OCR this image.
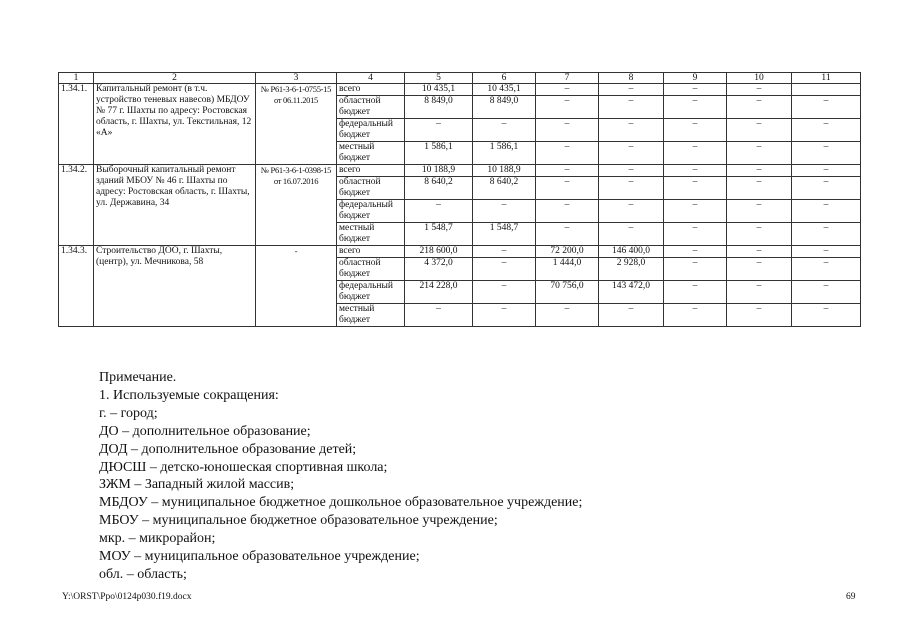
1	2	3	4	5	6	7	8	9	10	11
1.34.1.	Капитальный ремонт (в т.ч. устройство теневых навесов) МБДОУ № 77 г. Шахты по адресу: Ростовская область, г. Шахты, ул. Текстильная, 12 «А»	№ Р61-3-6-1-0755-15 от 06.11.2015	всего	10 435,1	10 435,1	–	–	–	–	
			областной бюджет	8 849,0	8 849,0	–	–	–	–	–
			федеральный бюджет	–	–	–	–	–	–	–
			местный бюджет	1 586,1	1 586,1	–	–	–	–	–
1.34.2.	Выборочный капитальный ремонт зданий МБОУ № 46 г. Шахты по адресу: Ростовская область, г. Шахты, ул. Державина, 34	№ Р61-3-6-1-0398-15 от 16.07.2016	всего	10 188,9	10 188,9	–	–	–	–	–
			областной бюджет	8 640,2	8 640,2	–	–	–	–	–
			федеральный бюджет	–	–	–	–	–	–	–
			местный бюджет	1 548,7	1 548,7	–	–	–	–	–
1.34.3.	Строительство ДОО, г. Шахты, (центр), ул. Мечникова, 58	-	всего	218 600,0	–	72 200,0	146 400,0	–	–	–
			областной бюджет	4 372,0	–	1 444,0	2 928,0	–	–	–
			федеральный бюджет	214 228,0	–	70 756,0	143 472,0	–	–	–
			местный бюджет	–	–	–	–	–	–	–
Примечание.
1. Используемые сокращения:
г. – город;
ДО – дополнительное образование;
ДОД – дополнительное образование детей;
ДЮСШ – детско-юношеская спортивная школа;
ЗЖМ – Западный жилой массив;
МБДОУ – муниципальное бюджетное дошкольное образовательное учреждение;
МБОУ – муниципальное бюджетное образовательное учреждение;
мкр. – микрорайон;
МОУ – муниципальное образовательное учреждение;
обл. – область;
Y:\ORST\Ppo\0124p030.f19.docx	69
